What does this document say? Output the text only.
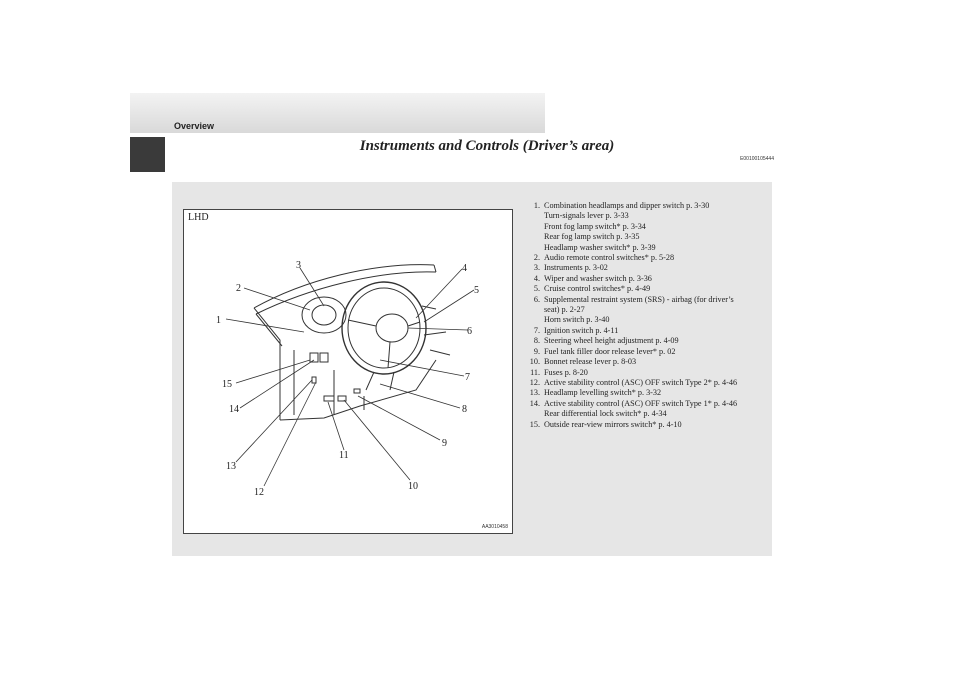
Overview
Instruments and Controls (Driver’s area)
E00100105444
LHD
1
2
3	4
5
6
7
8
9
10
11
12
13
14
15
AA3010458
1. Combination headlamps and dipper switch p. 3-30
Turn-signals lever p. 3-33
Front fog lamp switch* p. 3-34
Rear fog lamp switch p. 3-35
Headlamp washer switch* p. 3-39
2. Audio remote control switches* p. 5-28
3. Instruments p. 3-02
4. Wiper and washer switch p. 3-36
5. Cruise control switches* p. 4-49
6. Supplemental restraint system (SRS) - airbag (for driver’s
seat) p. 2-27
Horn switch p. 3-40
7. Ignition switch p. 4-11
8. Steering wheel height adjustment p. 4-09
9. Fuel tank filler door release lever* p. 02
10. Bonnet release lever p. 8-03
11. Fuses p. 8-20
12. Active stability control (ASC) OFF switch Type 2* p. 4-46
13. Headlamp levelling switch* p. 3-32
14. Active stability control (ASC) OFF switch Type 1* p. 4-46
Rear differential lock switch* p. 4-34
15. Outside rear-view mirrors switch* p. 4-10
